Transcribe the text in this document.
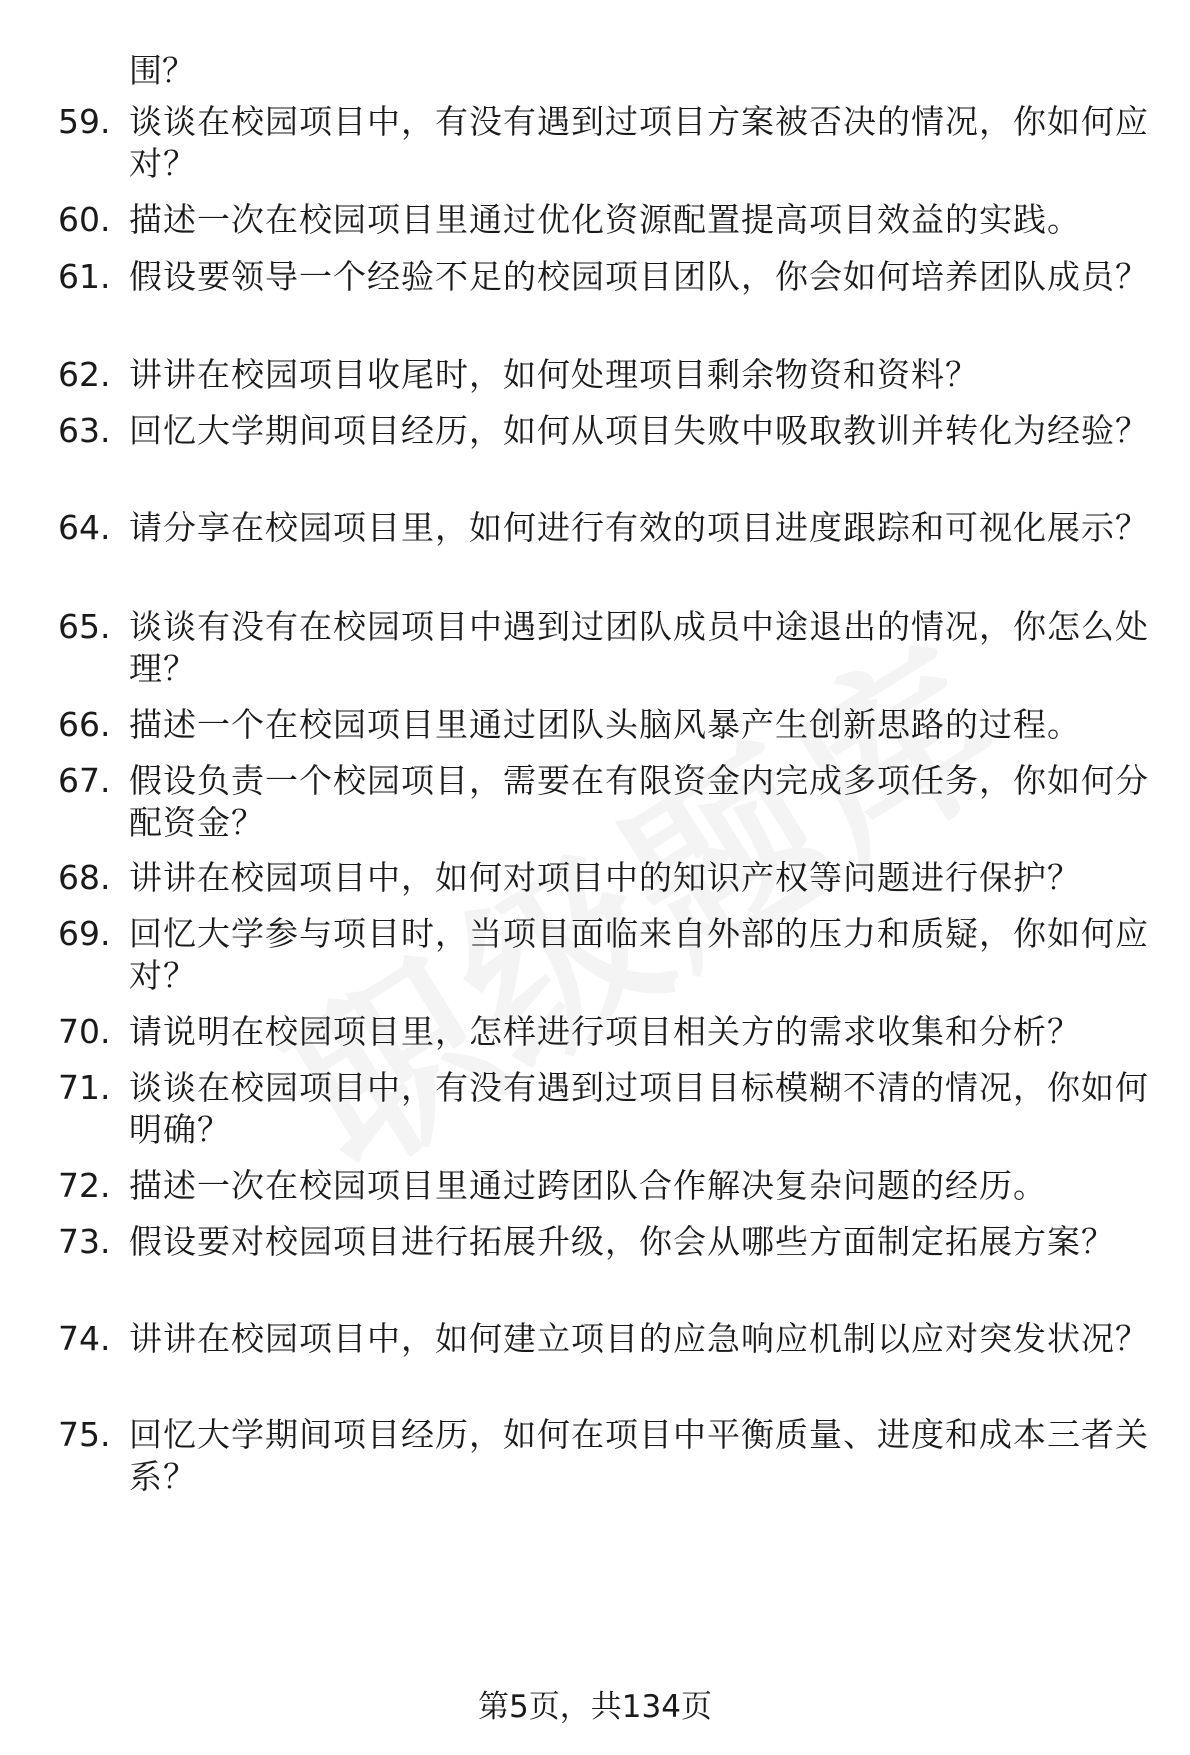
围？
59. 谈谈在校园项目中，有没有遇到过项目方案被否决的情况，你如何应对？
60. 描述一次在校园项目里通过优化资源配置提高项目效益的实践。
61. 假设要领导一个经验不足的校园项目团队，你会如何培养团队成员？
62. 讲讲在校园项目收尾时，如何处理项目剩余物资和资料？
63. 回忆大学期间项目经历，如何从项目失败中吸取教训并转化为经验？
64. 请分享在校园项目里，如何进行有效的项目进度跟踪和可视化展示？
65. 谈谈有没有在校园项目中遇到过团队成员中途退出的情况，你怎么处理？
66. 描述一个在校园项目里通过团队头脑风暴产生创新思路的过程。
67. 假设负责一个校园项目，需要在有限资金内完成多项任务，你如何分配资金？
68. 讲讲在校园项目中，如何对项目中的知识产权等问题进行保护？
69. 回忆大学参与项目时，当项目面临来自外部的压力和质疑，你如何应对？
70. 请说明在校园项目里，怎样进行项目相关方的需求收集和分析？
71. 谈谈在校园项目中，有没有遇到过项目目标模糊不清的情况，你如何明确？
72. 描述一次在校园项目里通过跨团队合作解决复杂问题的经历。
73. 假设要对校园项目进行拓展升级，你会从哪些方面制定拓展方案？
74. 讲讲在校园项目中，如何建立项目的应急响应机制以应对突发状况？
75. 回忆大学期间项目经历，如何在项目中平衡质量、进度和成本三者关系？
第5页，共134页
